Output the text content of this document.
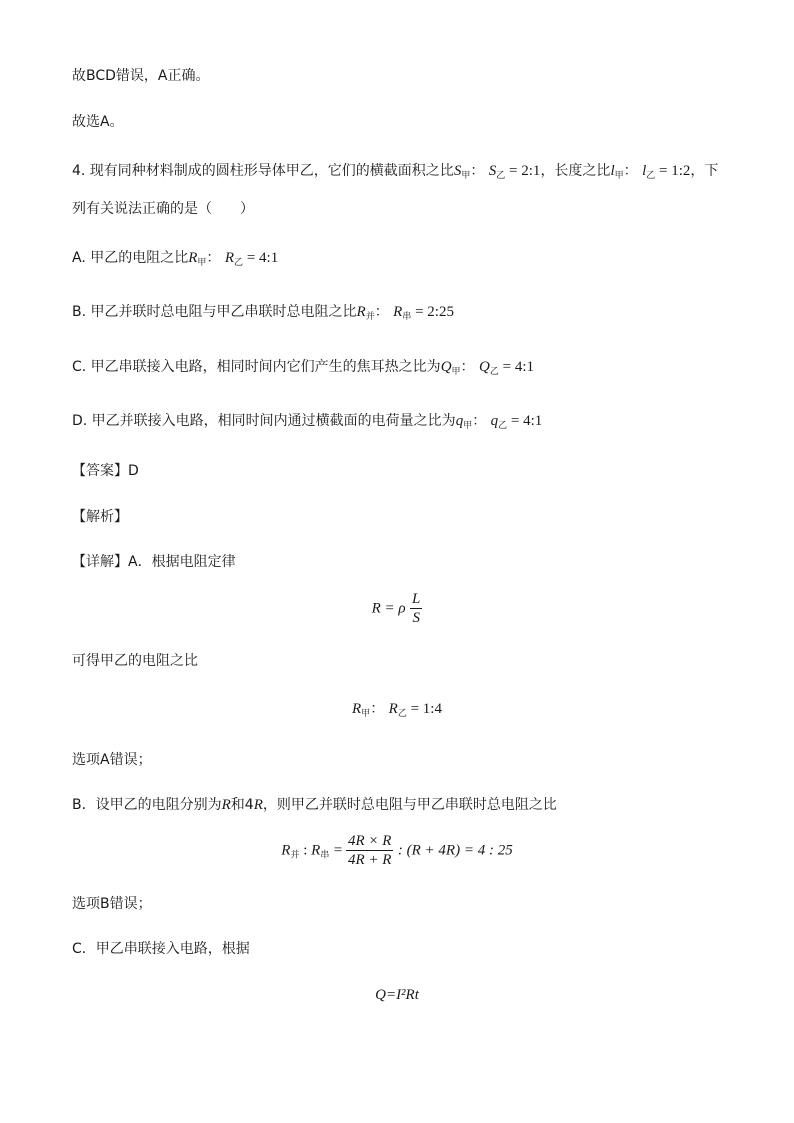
故BCD错误，A正确。
故选A。
4. 现有同种材料制成的圆柱形导体甲乙，它们的横截面积之比$S_甲$： $S_乙$ = 2:1，长度之比$l_甲$： $l_乙$ = 1:2，下
列有关说法正确的是（　　）
A. 甲乙的电阻之比$R_甲$： $R_乙$ = 4:1
B. 甲乙并联时总电阻与甲乙串联时总电阻之比$R_并$： $R_串$ = 2:25
C. 甲乙串联接入电路，相同时间内它们产生的焦耳热之比为$Q_甲$： $Q_乙$ = 4:1
D. 甲乙并联接入电路，相同时间内通过横截面的电荷量之比为$q_甲$： $q_乙$ = 4:1
【答案】D
【解析】
【详解】A．根据电阻定律
R = ρ $\frac{L}{S}$
可得甲乙的电阻之比
$R_甲$： $R_乙$ = 1:4
选项A错误；
B．设甲乙的电阻分别为R和4R，则甲乙并联时总电阻与甲乙串联时总电阻之比
$R_并$ : $R_串 = \frac{4R \times R}{4R + R}$ : (R + 4R) = 4 : 25
选项B错误；
C．甲乙串联接入电路，根据
Q=I²Rt
